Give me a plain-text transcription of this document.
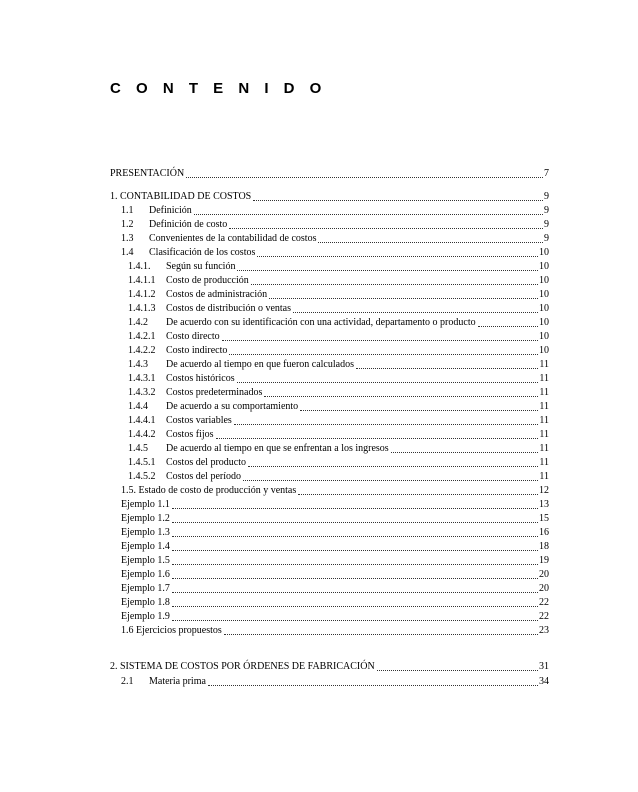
C O N T E N I D O
PRESENTACIÓN	7
1. CONTABILIDAD DE COSTOS	9
1.1 Definición	9
1.2 Definición de costo	9
1.3 Convenientes de la contabilidad de costos	9
1.4 Clasificación de los costos	10
1.4.1. Según su función	10
1.4.1.1 Costo de producción	10
1.4.1.2 Costos de administración	10
1.4.1.3 Costos de distribución o ventas	10
1.4.2 De acuerdo con su identificación con una actividad, departamento o producto	10
1.4.2.1 Costo directo	10
1.4.2.2 Costo indirecto	10
1.4.3 De acuerdo al tiempo en que fueron calculados	11
1.4.3.1 Costos históricos	11
1.4.3.2 Costos predeterminados	11
1.4.4 De acuerdo a su comportamiento	11
1.4.4.1 Costos variables	11
1.4.4.2 Costos fijos	11
1.4.5 De acuerdo al tiempo en que se enfrentan a los ingresos	11
1.4.5.1 Costos del producto	11
1.4.5.2 Costos del período	11
1.5. Estado de costo de producción y ventas	12
Ejemplo 1.1	13
Ejemplo 1.2	15
Ejemplo 1.3	16
Ejemplo 1.4	18
Ejemplo 1.5	19
Ejemplo 1.6	20
Ejemplo 1.7	20
Ejemplo 1.8	22
Ejemplo 1.9	22
1.6 Ejercicios propuestos	23
2. SISTEMA DE COSTOS POR ÓRDENES DE FABRICACIÓN	31
2.1 Materia prima	34
